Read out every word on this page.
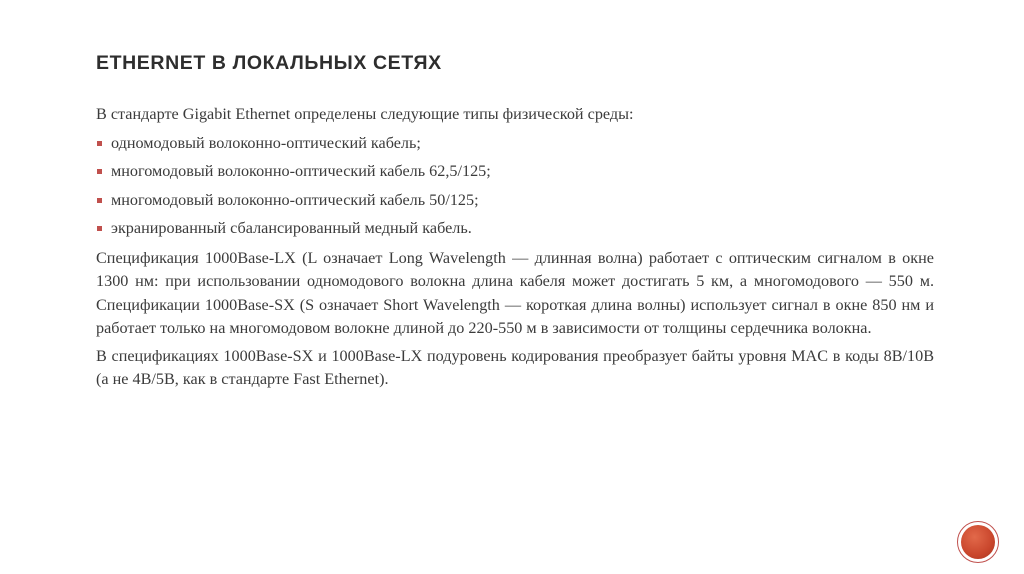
ETHERNET В ЛОКАЛЬНЫХ СЕТЯХ

В стандарте Gigabit Ethernet определены следующие типы физической среды:

одномодовый волоконно-оптический кабель;
многомодовый волоконно-оптический кабель 62,5/125;
многомодовый волоконно-оптический кабель 50/125;
экранированный сбалансированный медный кабель.

Спецификация 1000Base-LX (L означает Long Wavelength — длинная волна) работает с оптическим сигналом в окне 1300 нм: при использовании одномодового волокна длина кабеля может достигать 5 км, а многомодового — 550 м. Спецификации 1000Base-SX (S означает Short Wavelength — короткая длина волны) использует сигнал в окне 850 нм и работает только на многомодовом волокне длиной до 220-550 м в зависимости от толщины сердечника волокна.

В спецификациях 1000Base-SX и 1000Base-LX подуровень кодирования преобразует байты уровня MAC в коды 8B/10B (а не 4B/5B, как в стандарте Fast Ethernet).
